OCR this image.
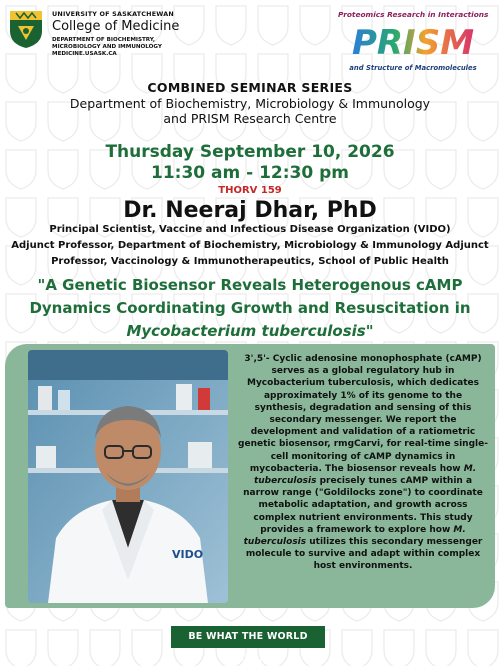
UNIVERSITY OF SASKATCHEWAN
College of Medicine
DEPARTMENT OF BIOCHEMISTRY,
MICROBIOLOGY AND IMMUNOLOGY
MEDICINE.USASK.CA
Proteomics Research in Interactions
PRISM
and Structure of Macromolecules
COMBINED SEMINAR SERIES
Department of Biochemistry, Microbiology & Immunology
and PRISM Research Centre
Thursday September 10, 2026
11:30 am - 12:30 pm
THORV 159
Dr. Neeraj Dhar, PhD
Principal Scientist, Vaccine and Infectious Disease Organization (VIDO)
Adjunct Professor, Department of Biochemistry, Microbiology & Immunology Adjunct
Professor, Vaccinology & Immunotherapeutics, School of Public Health
"A Genetic Biosensor Reveals Heterogenous cAMP
Dynamics Coordinating Growth and Resuscitation in
Mycobacterium tuberculosis"
VIDO

3',5'- Cyclic adenosine monophosphate (cAMP) serves as a global regulatory hub in Mycobacterium tuberculosis, which dedicates approximately 1% of its genome to the synthesis, degradation and sensing of this secondary messenger. We report the development and validation of a ratiometric genetic biosensor, rmgCarvi, for real-time single-cell monitoring of cAMP dynamics in mycobacteria. The biosensor reveals how M. tuberculosis precisely tunes cAMP within a narrow range ("Goldilocks zone") to coordinate metabolic adaptation, and growth across complex nutrient environments. This study provides a framework to explore how M. tuberculosis utilizes this secondary messenger molecule to survive and adapt within complex host environments.

BE WHAT THE WORLD NEEDS
